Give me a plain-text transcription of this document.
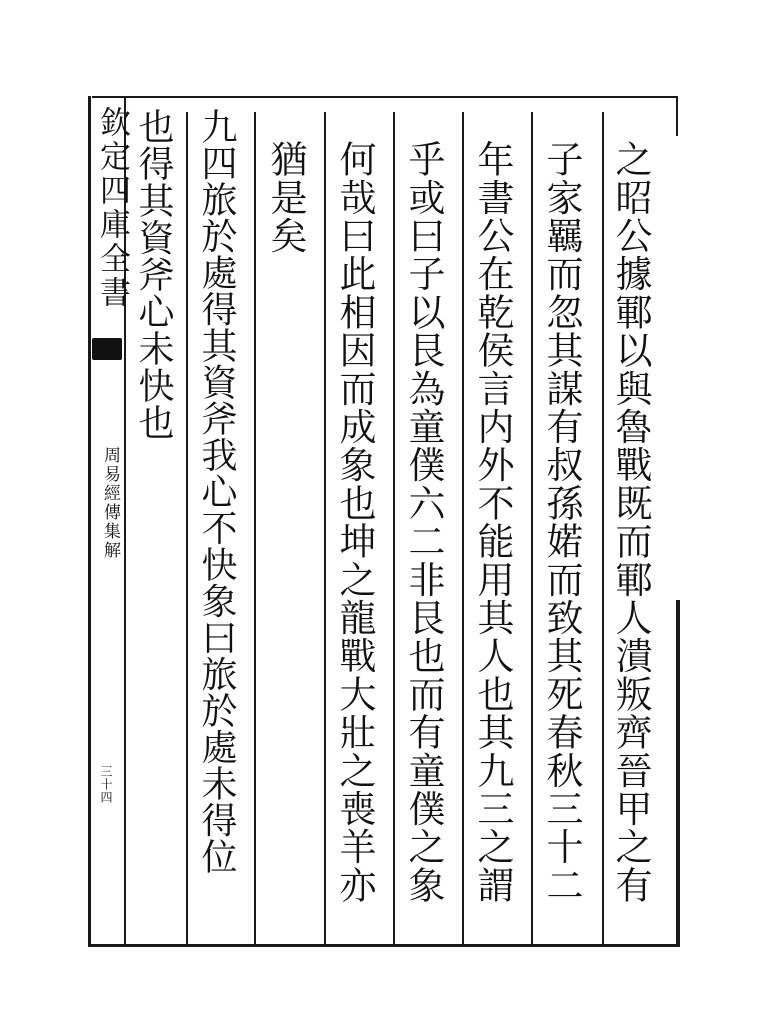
欽定四庫全書
周易經傳集解
三十四	之昭公據鄆以與魯戰既而鄆人潰叛齊晉甲之有
子家羈而忽其謀有叔孫婼而致其死春秋三十二
年書公在乾侯言内外不能用其人也其九三之謂
乎或曰子以艮為童僕六二非艮也而有童僕之象
何哉曰此相因而成象也坤之龍戰大壯之喪羊亦
猶是矣
九四旅於處得其資斧我心不快象曰旅於處未得位
也得其資斧心未快也
